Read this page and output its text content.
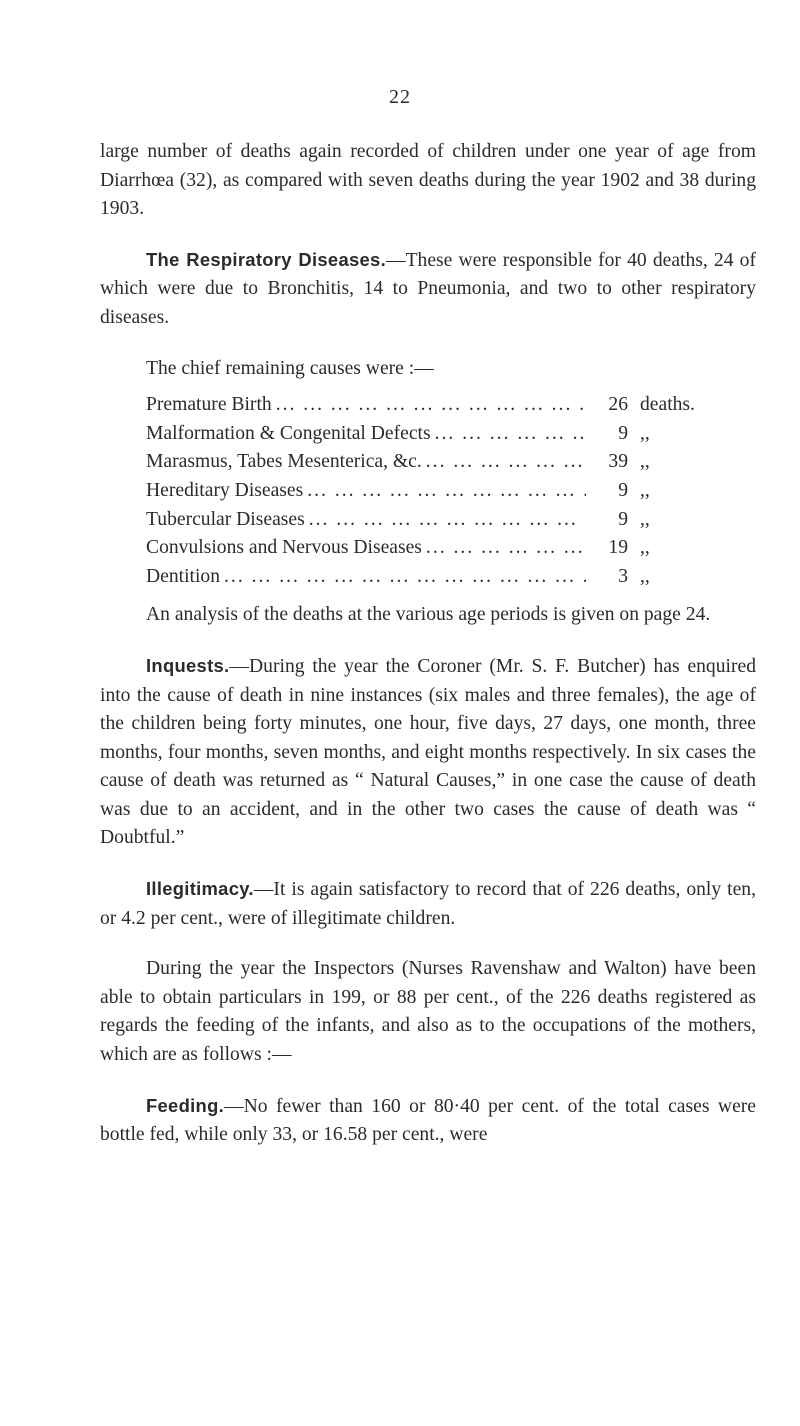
22

large number of deaths again recorded of children under one year of age from Diarrhœa (32), as compared with seven deaths during the year 1902 and 38 during 1903.

The Respiratory Diseases.—These were responsible for 40 deaths, 24 of which were due to Bronchitis, 14 to Pneumonia, and two to other respiratory diseases.

The chief remaining causes were :—

Premature Birth ... .	26 deaths.
Malformation & Congenital Defects ... .	9 ,,
Marasmus, Tabes Mesenterica, &c. ... .	39 ,,
Hereditary Diseases ... .	9 ,,
Tubercular Diseases ... .	9 ,,
Convulsions and Nervous Diseases ... .	19 ,,
Dentition ... .	3 ,,

An analysis of the deaths at the various age periods is given on page 24.

Inquests.—During the year the Coroner (Mr. S. F. Butcher) has enquired into the cause of death in nine instances (six males and three females), the age of the children being forty minutes, one hour, five days, 27 days, one month, three months, four months, seven months, and eight months respectively. In six cases the cause of death was returned as “ Natural Causes,” in one case the cause of death was due to an accident, and in the other two cases the cause of death was “ Doubtful.”

Illegitimacy.—It is again satisfactory to record that of 226 deaths, only ten, or 4.2 per cent., were of illegitimate children.

During the year the Inspectors (Nurses Ravenshaw and Walton) have been able to obtain particulars in 199, or 88 per cent., of the 226 deaths registered as regards the feeding of the infants, and also as to the occupations of the mothers, which are as follows :—

Feeding.—No fewer than 160 or 80·40 per cent. of the total cases were bottle fed, while only 33, or 16.58 per cent., were
